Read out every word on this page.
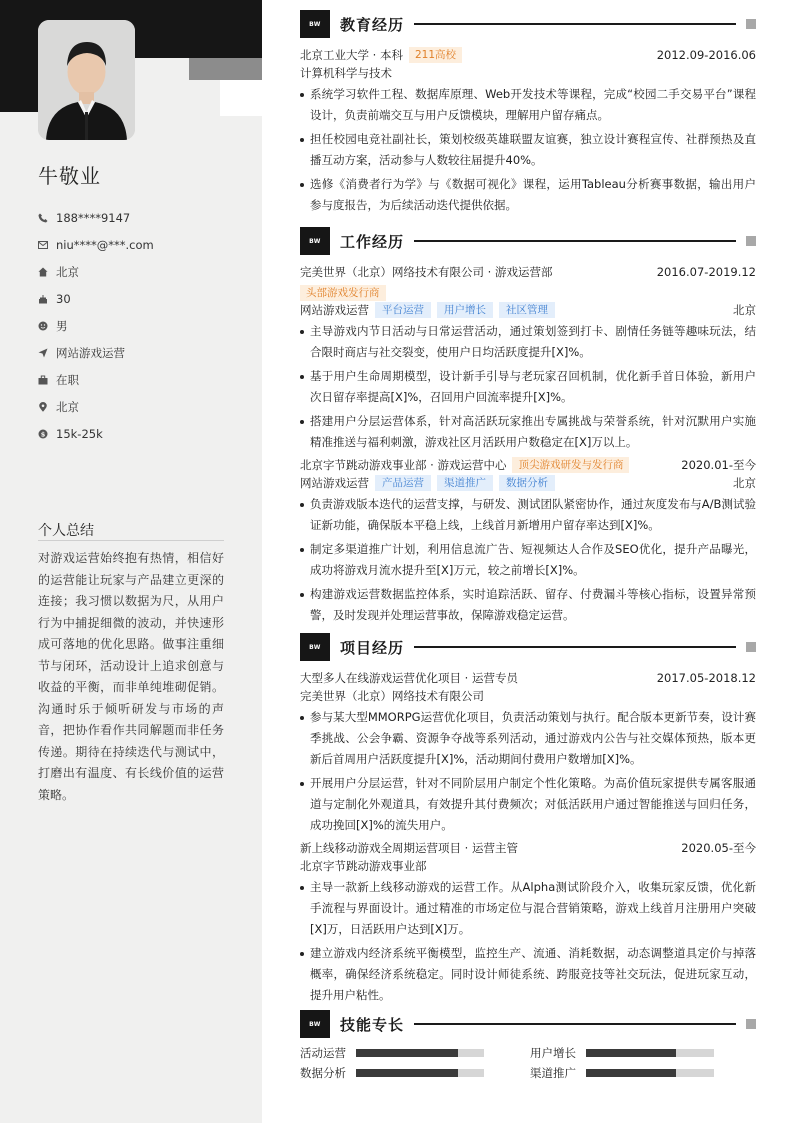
牛敬业
188****9147
niu****@***.com
北京
30
男
网站游戏运营
在职
北京
$ 15k-25k
个人总结
对游戏运营始终抱有热情，相信好的运营能让玩家与产品建立更深的连接；我习惯以数据为尺，从用户行为中捕捉细微的波动，并快速形成可落地的优化思路。做事注重细节与闭环，活动设计上追求创意与收益的平衡，而非单纯堆砌促销。沟通时乐于倾听研发与市场的声音，把协作看作共同解题而非任务传递。期待在持续迭代与测试中，打磨出有温度、有长线价值的运营策略。
BW	教育经历
北京工业大学 · 本科	211高校	2012.09-2016.06
计算机科学与技术
系统学习软件工程、数据库原理、Web开发技术等课程，完成“校园二手交易平台”课程设计，负责前端交互与用户反馈模块，理解用户留存痛点。
担任校园电竞社副社长，策划校级英雄联盟友谊赛，独立设计赛程宣传、社群预热及直播互动方案，活动参与人数较往届提升40%。
选修《消费者行为学》与《数据可视化》课程，运用Tableau分析赛事数据，输出用户参与度报告，为后续活动迭代提供依据。
BW	工作经历
完美世界（北京）网络技术有限公司 · 游戏运营部	2016.07-2019.12
头部游戏发行商
网站游戏运营	平台运营	用户增长	社区管理	北京
主导游戏内节日活动与日常运营活动，通过策划签到打卡、剧情任务链等趣味玩法，结合限时商店与社交裂变，使用户日均活跃度提升[X]%。
基于用户生命周期模型，设计新手引导与老玩家召回机制，优化新手首日体验，新用户次日留存率提高[X]%，召回用户回流率提升[X]%。
搭建用户分层运营体系，针对高活跃玩家推出专属挑战与荣誉系统，针对沉默用户实施精准推送与福利刺激，游戏社区月活跃用户数稳定在[X]万以上。
北京字节跳动游戏事业部 · 游戏运营中心	顶尖游戏研发与发行商	2020.01-至今
网站游戏运营	产品运营	渠道推广	数据分析	北京
负责游戏版本迭代的运营支撑，与研发、测试团队紧密协作，通过灰度发布与A/B测试验证新功能，确保版本平稳上线，上线首月新增用户留存率达到[X]%。
制定多渠道推广计划，利用信息流广告、短视频达人合作及SEO优化，提升产品曝光，成功将游戏月流水提升至[X]万元，较之前增长[X]%。
构建游戏运营数据监控体系，实时追踪活跃、留存、付费漏斗等核心指标，设置异常预警，及时发现并处理运营事故，保障游戏稳定运营。
BW	项目经历
大型多人在线游戏运营优化项目 · 运营专员	2017.05-2018.12
完美世界（北京）网络技术有限公司
参与某大型MMORPG运营优化项目，负责活动策划与执行。配合版本更新节奏，设计赛季挑战、公会争霸、资源争夺战等系列活动，通过游戏内公告与社交媒体预热，版本更新后首周用户活跃度提升[X]%，活动期间付费用户数增加[X]%。
开展用户分层运营，针对不同阶层用户制定个性化策略。为高价值玩家提供专属客服通道与定制化外观道具，有效提升其付费频次；对低活跃用户通过智能推送与回归任务，成功挽回[X]%的流失用户。
新上线移动游戏全周期运营项目 · 运营主管	2020.05-至今
北京字节跳动游戏事业部
主导一款新上线移动游戏的运营工作。从Alpha测试阶段介入，收集玩家反馈，优化新手流程与界面设计。通过精准的市场定位与混合营销策略，游戏上线首月注册用户突破[X]万，日活跃用户达到[X]万。
建立游戏内经济系统平衡模型，监控生产、流通、消耗数据，动态调整道具定价与掉落概率，确保经济系统稳定。同时设计师徒系统、跨服竞技等社交玩法，促进玩家互动，提升用户粘性。
BW	技能专长
活动运营	用户增长
数据分析	渠道推广
